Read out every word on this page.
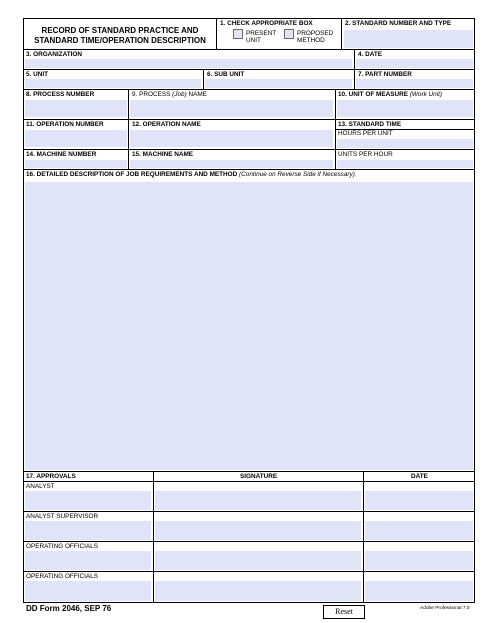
RECORD OF STANDARD PRACTICE AND
STANDARD TIME/OPERATION DESCRIPTION
1. CHECK APPROPRIATE BOX
PRESENT
UNIT
PROPOSED
METHOD
2. STANDARD NUMBER AND TYPE
3. ORGANIZATION	4. DATE
5. UNIT	6. SUB UNIT	7. PART NUMBER
8. PROCESS NUMBER	9. PROCESS (Job) NAME	10. UNIT OF MEASURE (Work Unit)
11. OPERATION NUMBER	12. OPERATION NAME	13. STANDARD TIME
HOURS PER UNIT
14. MACHINE NUMBER	15. MACHINE NAME	UNITS PER HOUR
16. DETAILED DESCRIPTION OF JOB REQUIREMENTS AND METHOD (Continue on Reverse Side if Necessary)
17. APPROVALS	SIGNATURE	DATE
ANALYST
ANALYST SUPERVISOR
OPERATING OFFICIALS
OPERATING OFFICIALS
DD Form 2046, SEP 76	Reset	Adobe Professional 7.0
